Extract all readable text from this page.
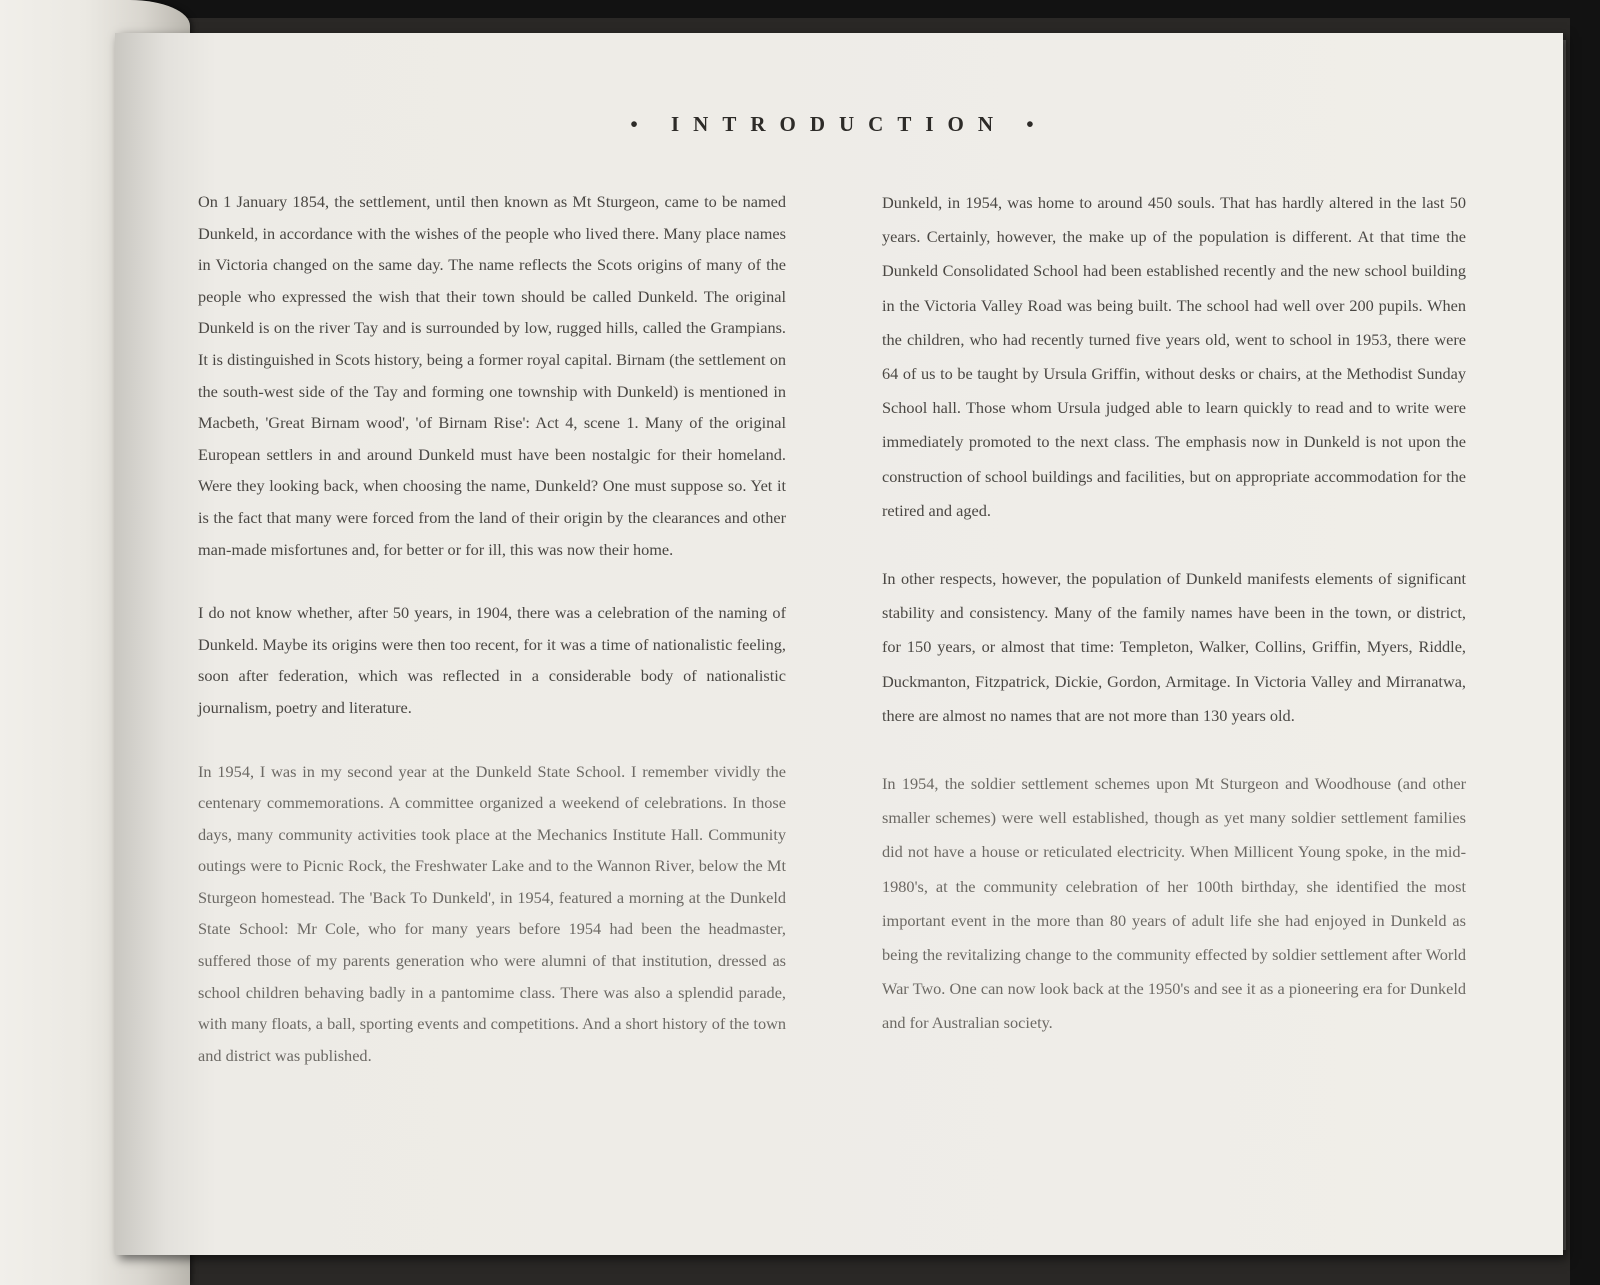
• INTRODUCTION •

On 1 January 1854, the settlement, until then known as Mt Sturgeon, came to be named Dunkeld, in accordance with the wishes of the people who lived there. Many place names in Victoria changed on the same day. The name reflects the Scots origins of many of the people who expressed the wish that their town should be called Dunkeld. The original Dunkeld is on the river Tay and is surrounded by low, rugged hills, called the Grampians. It is distinguished in Scots history, being a former royal capital. Birnam (the settlement on the south-west side of the Tay and forming one township with Dunkeld) is mentioned in Macbeth, 'Great Birnam wood', 'of Birnam Rise': Act 4, scene 1. Many of the original European settlers in and around Dunkeld must have been nostalgic for their homeland. Were they looking back, when choosing the name, Dunkeld? One must suppose so. Yet it is the fact that many were forced from the land of their origin by the clearances and other man-made misfortunes and, for better or for ill, this was now their home.

I do not know whether, after 50 years, in 1904, there was a celebration of the naming of Dunkeld. Maybe its origins were then too recent, for it was a time of nationalistic feeling, soon after federation, which was reflected in a considerable body of nationalistic journalism, poetry and literature.

In 1954, I was in my second year at the Dunkeld State School. I remember vividly the centenary commemorations. A committee organized a weekend of celebrations. In those days, many community activities took place at the Mechanics Institute Hall. Community outings were to Picnic Rock, the Freshwater Lake and to the Wannon River, below the Mt Sturgeon homestead. The 'Back To Dunkeld', in 1954, featured a morning at the Dunkeld State School: Mr Cole, who for many years before 1954 had been the headmaster, suffered those of my parents generation who were alumni of that institution, dressed as school children behaving badly in a pantomime class. There was also a splendid parade, with many floats, a ball, sporting events and competitions. And a short history of the town and district was published.

Dunkeld, in 1954, was home to around 450 souls. That has hardly altered in the last 50 years. Certainly, however, the make up of the population is different. At that time the Dunkeld Consolidated School had been established recently and the new school building in the Victoria Valley Road was being built. The school had well over 200 pupils. When the children, who had recently turned five years old, went to school in 1953, there were 64 of us to be taught by Ursula Griffin, without desks or chairs, at the Methodist Sunday School hall. Those whom Ursula judged able to learn quickly to read and to write were immediately promoted to the next class. The emphasis now in Dunkeld is not upon the construction of school buildings and facilities, but on appropriate accommodation for the retired and aged.

In other respects, however, the population of Dunkeld manifests elements of significant stability and consistency. Many of the family names have been in the town, or district, for 150 years, or almost that time: Templeton, Walker, Collins, Griffin, Myers, Riddle, Duckmanton, Fitzpatrick, Dickie, Gordon, Armitage. In Victoria Valley and Mirranatwa, there are almost no names that are not more than 130 years old.

In 1954, the soldier settlement schemes upon Mt Sturgeon and Woodhouse (and other smaller schemes) were well established, though as yet many soldier settlement families did not have a house or reticulated electricity. When Millicent Young spoke, in the mid-1980's, at the community celebration of her 100th birthday, she identified the most important event in the more than 80 years of adult life she had enjoyed in Dunkeld as being the revitalizing change to the community effected by soldier settlement after World War Two. One can now look back at the 1950's and see it as a pioneering era for Dunkeld and for Australian society.
